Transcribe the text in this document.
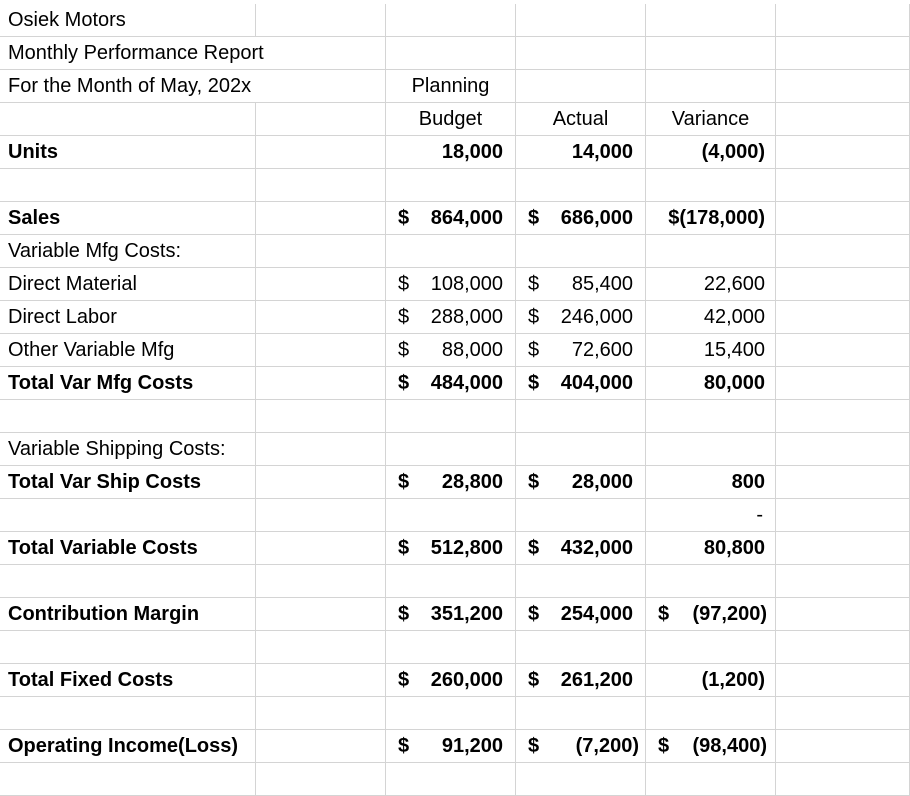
Osiek Motors
Monthly Performance Report
For the Month of May, 202x	Planning
Budget	Actual	Variance
Units	18,000	14,000	(4,000)
Sales	$ 864,000 $ 686,000	$(178,000)
Variable Mfg Costs:
Direct Material	$ 108,000 $ 85,400	22,600
Direct Labor	$ 288,000 $ 246,000	42,000
Other Variable Mfg	$ 88,000 $ 72,600	15,400
Total Var Mfg Costs	$ 484,000 $ 404,000	80,000
Variable Shipping Costs:
Total Var Ship Costs	$ 28,800 $ 28,000	800
-
Total Variable Costs	$ 512,800 $ 432,000	80,800
Contribution Margin	$ 351,200 $ 254,000 $ (97,200)
Total Fixed Costs	$ 260,000 $ 261,200	(1,200)
Operating Income(Loss)	$ 91,200 $ (7,200) $ (98,400)
